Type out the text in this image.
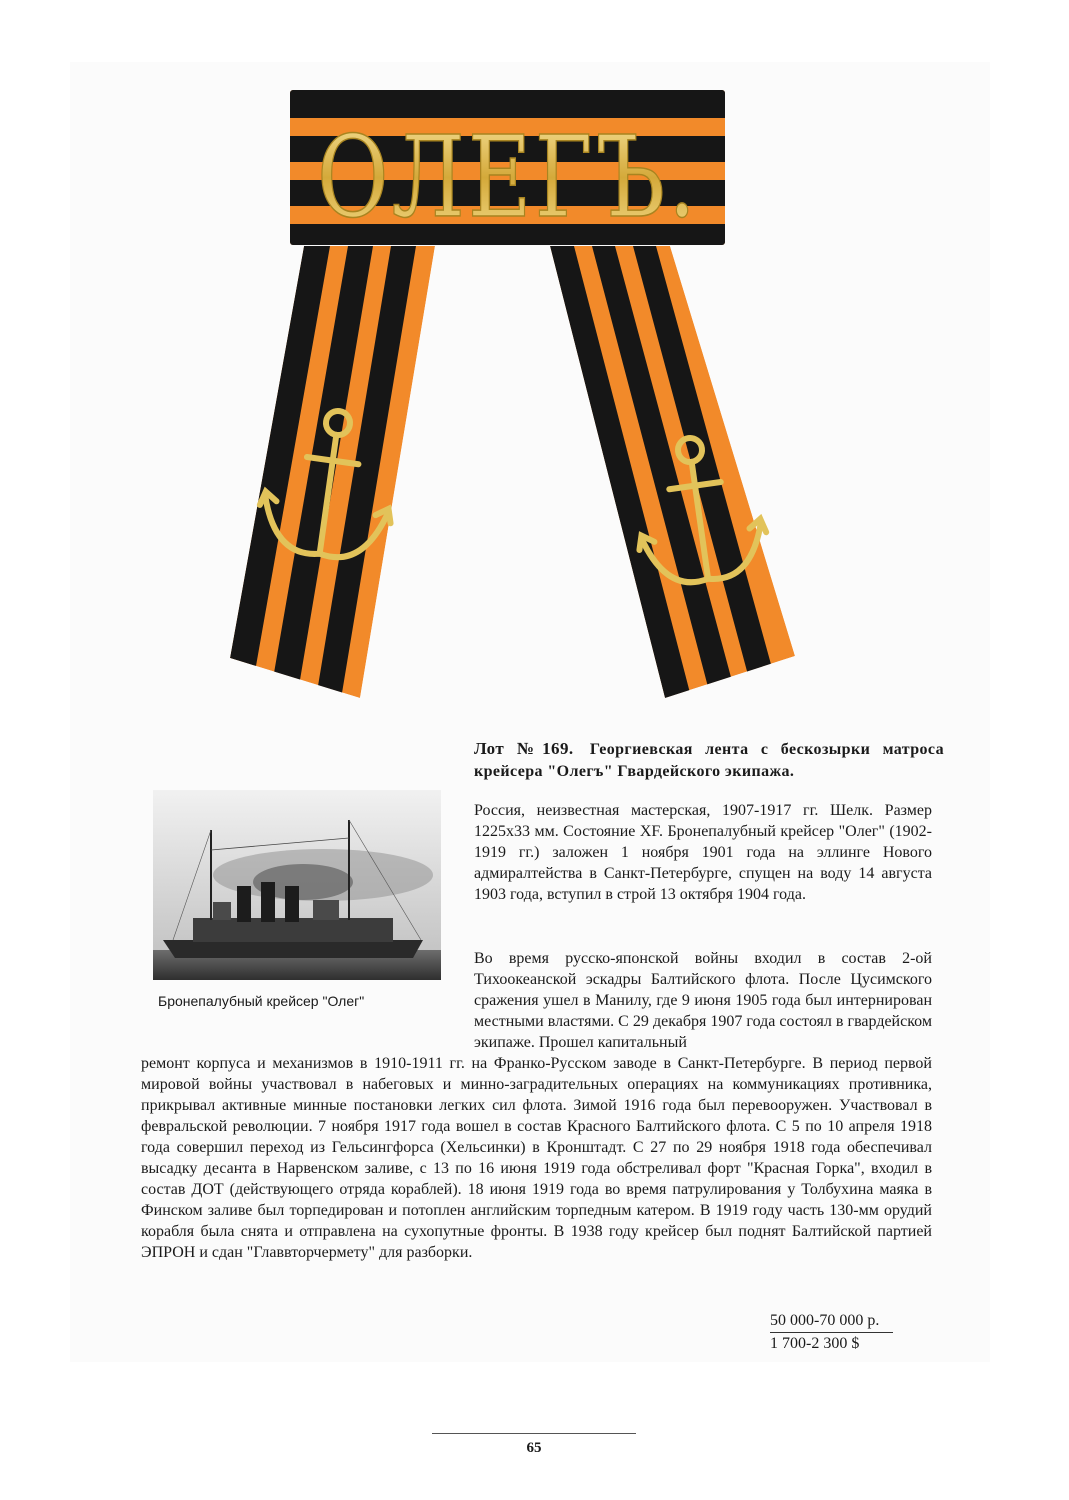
ОЛЕГЪ.
Лот №169. Георгиевская лента с бескозырки матроса крейсера "Олегъ" Гвардейского экипажа.
Бронепалубный крейсер "Олег"

Россия, неизвестная мастерская, 1907-1917 гг. Шелк. Размер 1225х33 мм. Состояние XF. Бронепалубный крейсер "Олег" (1902-1919 гг.) заложен 1 ноября 1901 года на эллинге Нового адмиралтейства в Санкт-Петербурге, спущен на воду 14 августа 1903 года, вступил в строй 13 октября 1904 года.

Во время русско-японской войны входил в состав 2-ой Тихоокеанской эскадры Балтийского флота. После Цусимского сражения ушел в Манилу, где 9 июня 1905 года был интернирован местными властями. С 29 декабря 1907 года состоял в гвардейском экипаже. Прошел капитальный

ремонт корпуса и механизмов в 1910-1911 гг. на Франко-Русском заводе в Санкт-Петербурге. В период первой мировой войны участвовал в набеговых и минно-заградительных операциях на коммуникациях противника, прикрывал активные минные постановки легких сил флота. Зимой 1916 года был перевооружен. Участвовал в февральской революции. 7 ноября 1917 года вошел в состав Красного Балтийского флота. С 5 по 10 апреля 1918 года совершил переход из Гельсингфорса (Хельсинки) в Кронштадт. С 27 по 29 ноября 1918 года обеспечивал высадку десанта в Нарвенском заливе, с 13 по 16 июня 1919 года обстреливал форт "Красная Горка", входил в состав ДОТ (действующего отряда кораблей). 18 июня 1919 года во время патрулирования у Толбухина маяка в Финском заливе был торпедирован и потоплен английским торпедным катером. В 1919 году часть 130-мм орудий корабля была снята и отправлена на сухопутные фронты. В 1938 году крейсер был поднят Балтийской партией ЭПРОН и сдан "Главвторчермету" для разборки.

50 000-70 000 р.
1 700-2 300 $
65
